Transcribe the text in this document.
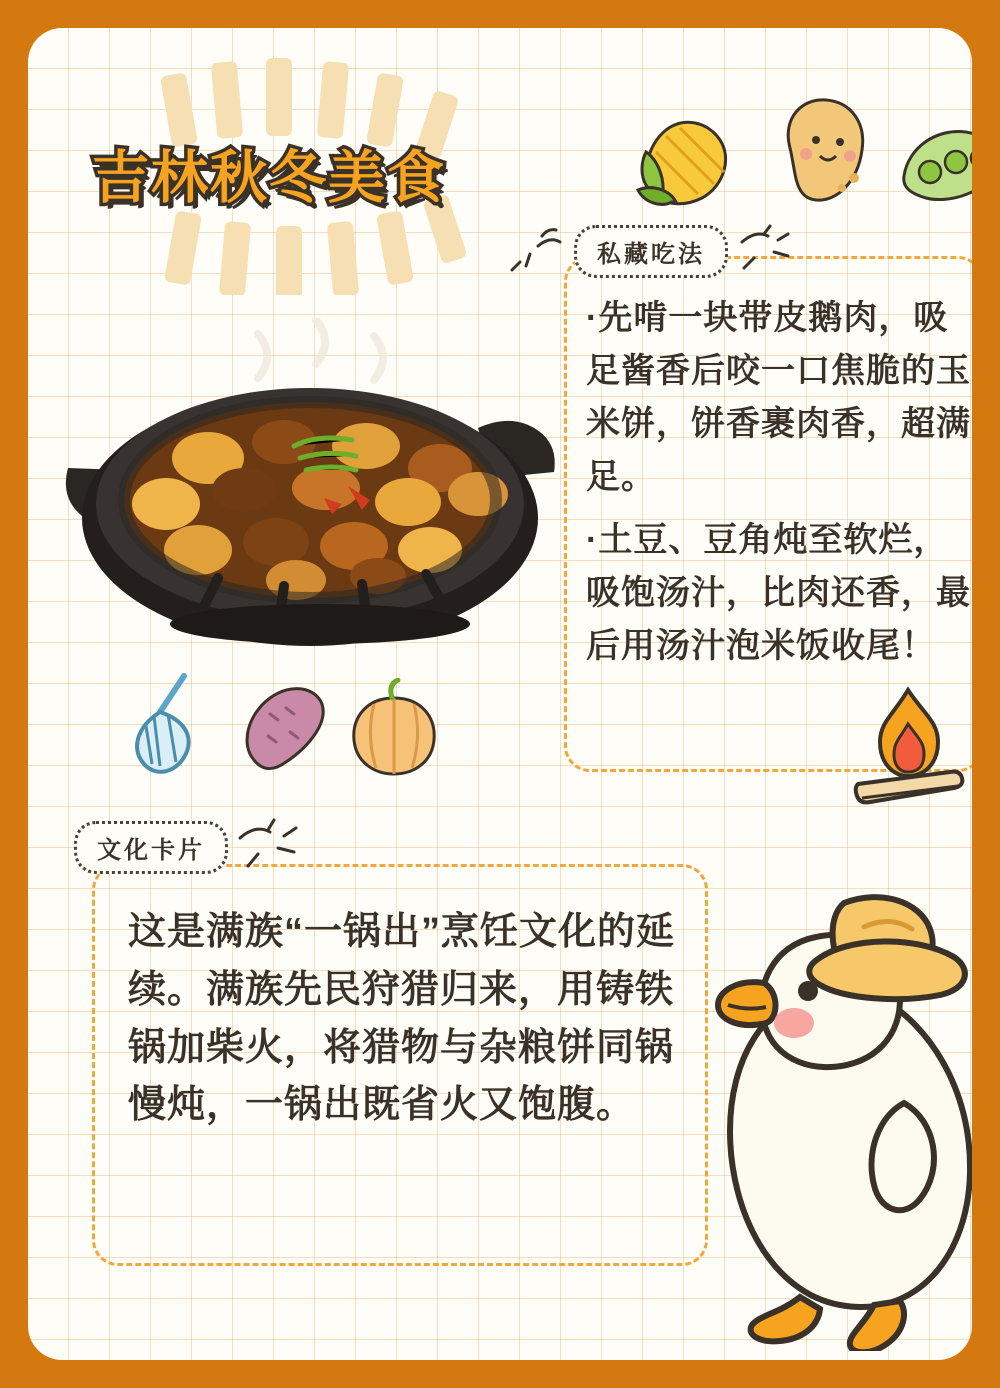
吉林秋冬美食
私藏吃法

·先啃一块带皮鹅肉，吸足酱香后咬一口焦脆的玉米饼，饼香裹肉香，超满足。

·土豆、豆角炖至软烂，吸饱汤汁，比肉还香，最后用汤汁泡米饭收尾！

文化卡片

这是满族“一锅出”烹饪文化的延续。满族先民狩猎归来，用铸铁锅加柴火，将猎物与杂粮饼同锅慢炖，一锅出既省火又饱腹。
